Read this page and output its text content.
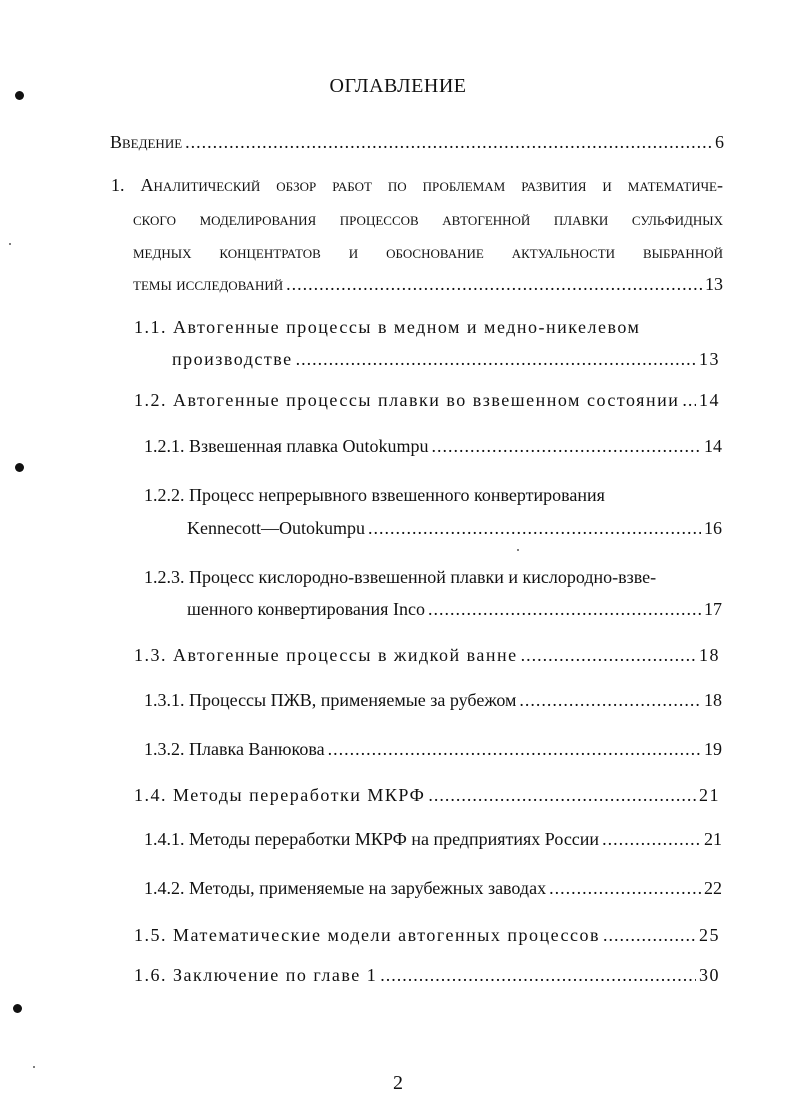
ОГЛАВЛЕНИЕ
Введение .....	6
1. Аналитический обзор работ по проблемам развития и математиче-
ского моделирования процессов автогенной плавки сульфидных
медных концентратов и обоснование актуальности выбранной
темы исследований .....	13
1.1. Автогенные процессы в медном и медно-никелевом
производстве .....	13
1.2. Автогенные процессы плавки во взвешенном состоянии ..... 14
1.2.1. Взвешенная плавка Outokumpu .....	14
1.2.2. Процесс непрерывного взвешенного конвертирования
Kennecott—Outokumpu .....	16
1.2.3. Процесс кислородно-взвешенной плавки и кислородно-взве-
шенного конвертирования Inco .....	17
1.3. Автогенные процессы в жидкой ванне .....	18
1.3.1. Процессы ПЖВ, применяемые за рубежом .....	18
1.3.2. Плавка Ванюкова .....	19
1.4. Методы переработки МКРФ .....	21
1.4.1. Методы переработки МКРФ на предприятиях России .....	21
1.4.2. Методы, применяемые на зарубежных заводах .....	22
1.5. Математические модели автогенных процессов .....	25
1.6. Заключение по главе 1 .....	30
2
